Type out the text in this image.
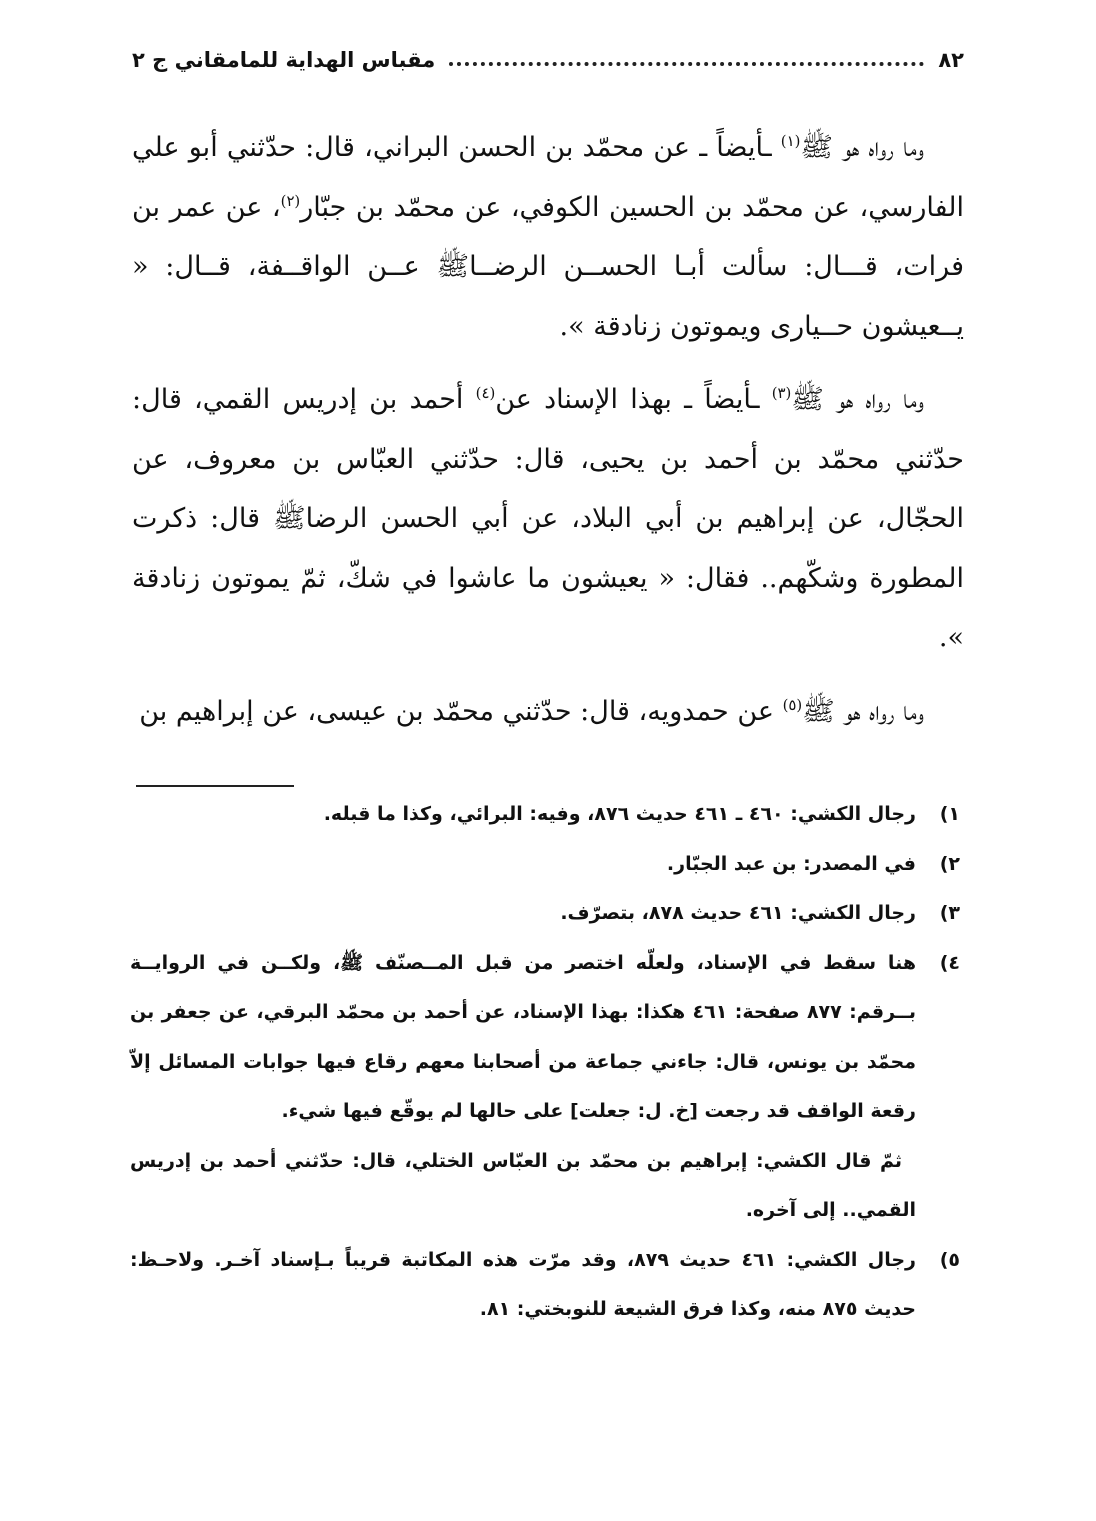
٨٢
مقباس الهداية للمامقاني ج ٢

وما رواه هو ﷺ$^{(١)}$ ـأيضاً ـ عن محمّد بن الحسن البراني، قال: حدّثني أبو علي الفارسي، عن محمّد بن الحسين الكوفي، عن محمّد بن جبّار$^{(٢)}$، عن عمر بن فرات، قـــال: سألت أبـا الحســن الرضــاﷺ عــن الواقــفة، قــال: « يــعيشون حــيارى ويموتون زنادقة ».

وما رواه هو ﷺ$^{(٣)}$ ـأيضاً ـ بهذا الإسناد عن$^{(٤)}$ أحمد بن إدريس القمي، قال: حدّثني محمّد بن أحمد بن يحيى، قال: حدّثني العبّاس بن معروف، عن الحجّال، عن إبراهيم بن أبي البلاد، عن أبي الحسن الرضاﷺ قال: ذكرت المطورة وشكّهم.. فقال: « يعيشون ما عاشوا في شكّ، ثمّ يموتون زنادقة ».

وما رواه هو ﷺ$^{(٥)}$ عن حمدويه، قال: حدّثني محمّد بن عيسى، عن إبراهيم بن

١)
رجال الكشي: ٤٦٠ ـ ٤٦١ حديث ٨٧٦، وفيه: البرائي، وكذا ما قبله.
٢)
في المصدر: بن عبد الجبّار.
٣)
رجال الكشي: ٤٦١ حديث ٨٧٨، بتصرّف.
٤)
هنا سقط في الإسناد، ولعلّه اختصر من قبل المــصنّف ﷺ، ولكــن في الروايــة بــرقم: ٨٧٧ صفحة: ٤٦١ هكذا: بهذا الإسناد، عن أحمد بن محمّد البرقي، عن جعفر بن محمّد بن يونس، قال: جاءني جماعة من أصحابنا معهم رقاع فيها جوابات المسائل إلاّ رقعة الواقف قد رجعت [خ. ل: جعلت] على حالها لم يوقّع فيها شيء.
ثمّ قال الكشي: إبراهيم بن محمّد بن العبّاس الختلي، قال: حدّثني أحمد بن إدريس القمي.. إلى آخره.
٥)
رجال الكشي: ٤٦١ حديث ٨٧٩، وقد مرّت هذه المكاتبة قريباً بـإسناد آخـر. ولاحـظ: حديث ٨٧٥ منه، وكذا فرق الشيعة للنوبختي: ٨١.
